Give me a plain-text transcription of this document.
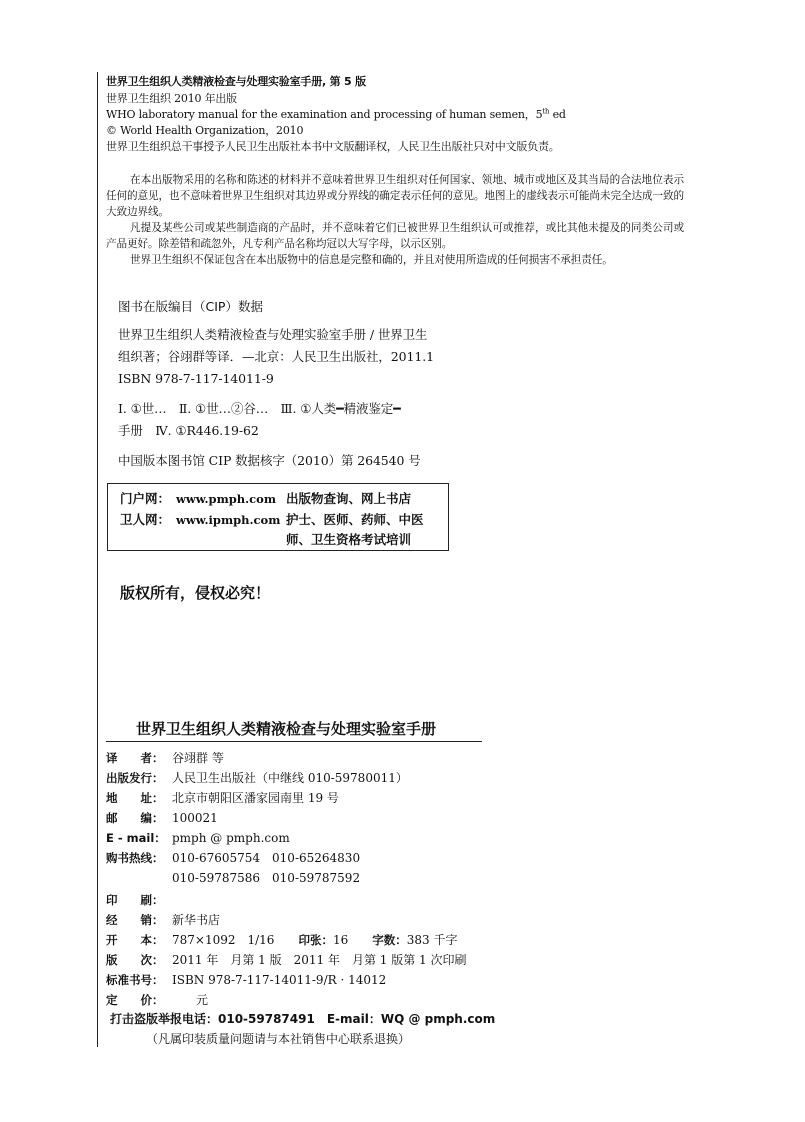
世界卫生组织人类精液检查与处理实验室手册, 第 5 版
世界卫生组织 2010 年出版
WHO laboratory manual for the examination and processing of human semen，5th ed
© World Health Organization，2010
世界卫生组织总干事授予人民卫生出版社本书中文版翻译权，人民卫生出版社只对中文版负责。
在本出版物采用的名称和陈述的材料并不意味着世界卫生组织对任何国家、领地、城市或地区及其当局的合法地位表示任何的意见，也不意味着世界卫生组织对其边界或分界线的确定表示任何的意见。地图上的虚线表示可能尚未完全达成一致的大致边界线。
凡提及某些公司或某些制造商的产品时，并不意味着它们已被世界卫生组织认可或推荐，或比其他未提及的同类公司或产品更好。除差错和疏忽外，凡专利产品名称均冠以大写字母，以示区别。
世界卫生组织不保证包含在本出版物中的信息是完整和确的，并且对使用所造成的任何损害不承担责任。
图书在版编目（CIP）数据
世界卫生组织人类精液检查与处理实验室手册 / 世界卫生
组织著；谷翊群等译．—北京：人民卫生出版社，2011.1
ISBN 978-7-117-14011-9
Ⅰ. ①世…　Ⅱ. ①世…②谷…　Ⅲ. ①人类━精液鉴定━
手册　Ⅳ. ①R446.19-62
中国版本图书馆 CIP 数据核字（2010）第 264540 号
门户网： www.pmph.com 出版物查询、网上书店
卫人网： www.ipmph.com 护士、医师、药师、中医
师、卫生资格考试培训
版权所有，侵权必究！
世界卫生组织人类精液检查与处理实验室手册
译　　者： 谷翊群 等
出版发行： 人民卫生出版社（中继线 010-59780011）
地　　址： 北京市朝阳区潘家园南里 19 号
邮　　编： 100021
E - mail： pmph @ pmph.com
购书热线： 010-67605754　010-65264830
010-59787586　010-59787592
印　　刷：
经　　销： 新华书店
开　　本： 787×1092　1/16　　印张：16　　字数：383 千字
版　　次： 2011 年　月第 1 版　2011 年　月第 1 版第 1 次印刷
标准书号： ISBN 978-7-117-14011-9/R · 14012
定　　价：　　元
打击盗版举报电话：010-59787491　E-mail：WQ @ pmph.com
（凡属印装质量问题请与本社销售中心联系退换）
